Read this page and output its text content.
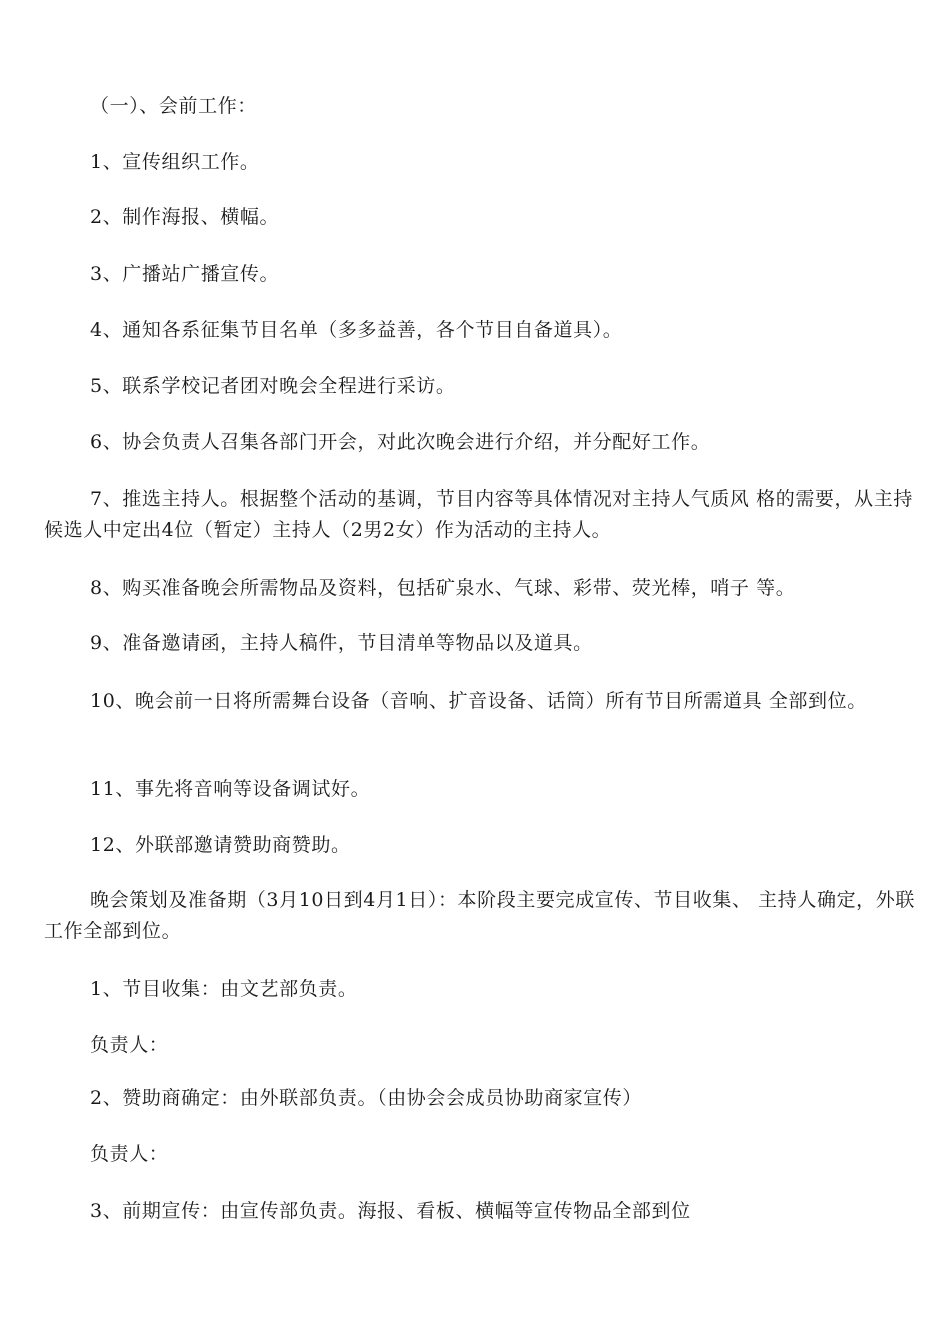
（一）、会前工作：

1、宣传组织工作。

2、制作海报、横幅。

3、广播站广播宣传。

4、通知各系征集节目名单（多多益善，各个节目自备道具）。

5、联系学校记者团对晚会全程进行采访。

6、协会负责人召集各部门开会，对此次晚会进行介绍，并分配好工作。

7、推选主持人。根据整个活动的基调，节目内容等具体情况对主持人气质风 格的需要，从主持候选人中定出4位（暂定）主持人（2男2女）作为活动的主持人。

8、购买准备晚会所需物品及资料，包括矿泉水、气球、彩带、荧光棒，哨子 等。

9、准备邀请函，主持人稿件，节目清单等物品以及道具。

10、晚会前一日将所需舞台设备（音响、扩音设备、话筒）所有节目所需道具 全部到位。

11、事先将音响等设备调试好。

12、外联部邀请赞助商赞助。

晚会策划及准备期（3月10日到4月1日）：本阶段主要完成宣传、节目收集、 主持人确定，外联工作全部到位。

1、节目收集：由文艺部负责。

负责人：

2、赞助商确定：由外联部负责。（由协会会成员协助商家宣传）

负责人：

3、前期宣传：由宣传部负责。海报、看板、横幅等宣传物品全部到位
